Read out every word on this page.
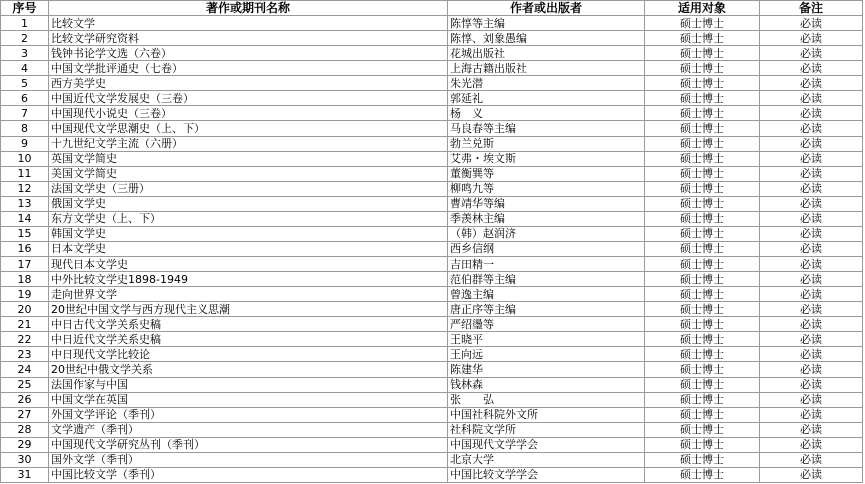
序号	著作或期刊名称	作者或出版者	适用对象	备注
1	比较文学	陈惇等主编	硕士博士	必读
2	比较文学研究资料	陈惇、刘象愚编	硕士博士	必读
3	钱钟书论学文选（六卷）	花城出版社	硕士博士	必读
4	中国文学批评通史（七卷）	上海古籍出版社	硕士博士	必读
5	西方美学史	朱光潜	硕士博士	必读
6	中国近代文学发展史（三卷）	郭延礼	硕士博士	必读
7	中国现代小说史（三卷）	杨　义	硕士博士	必读
8	中国现代文学思潮史（上、下）	马良春等主编	硕士博士	必读
9	十九世纪文学主流（六册）	勃兰兑斯	硕士博士	必读
10	英国文学简史	艾弗・埃文斯	硕士博士	必读
11	美国文学简史	董衡巽等	硕士博士	必读
12	法国文学史（三册）	柳鸣九等	硕士博士	必读
13	俄国文学史	曹靖华等编	硕士博士	必读
14	东方文学史（上、下）	季羡林主编	硕士博士	必读
15	韩国文学史	（韩）赵润济	硕士博士	必读
16	日本文学史	西乡信纲	硕士博士	必读
17	现代日本文学史	吉田精一	硕士博士	必读
18	中外比较文学史1898-1949	范伯群等主编	硕士博士	必读
19	走向世界文学	曾逸主编	硕士博士	必读
20	20世纪中国文学与西方现代主义思潮	唐正序等主编	硕士博士	必读
21	中日古代文学关系史稿	严绍璗等	硕士博士	必读
22	中日近代文学关系史稿	王晓平	硕士博士	必读
23	中日现代文学比较论	王向远	硕士博士	必读
24	20世纪中俄文学关系	陈建华	硕士博士	必读
25	法国作家与中国	钱林森	硕士博士	必读
26	中国文学在英国	张　　弘	硕士博士	必读
27	外国文学评论（季刊）	中国社科院外文所	硕士博士	必读
28	文学遗产（季刊）	社科院文学所	硕士博士	必读
29	中国现代文学研究丛刊（季刊）	中国现代文学学会	硕士博士	必读
30	国外文学（季刊）	北京大学	硕士博士	必读
31	中国比较文学（季刊）	中国比较文学学会	硕士博士	必读
